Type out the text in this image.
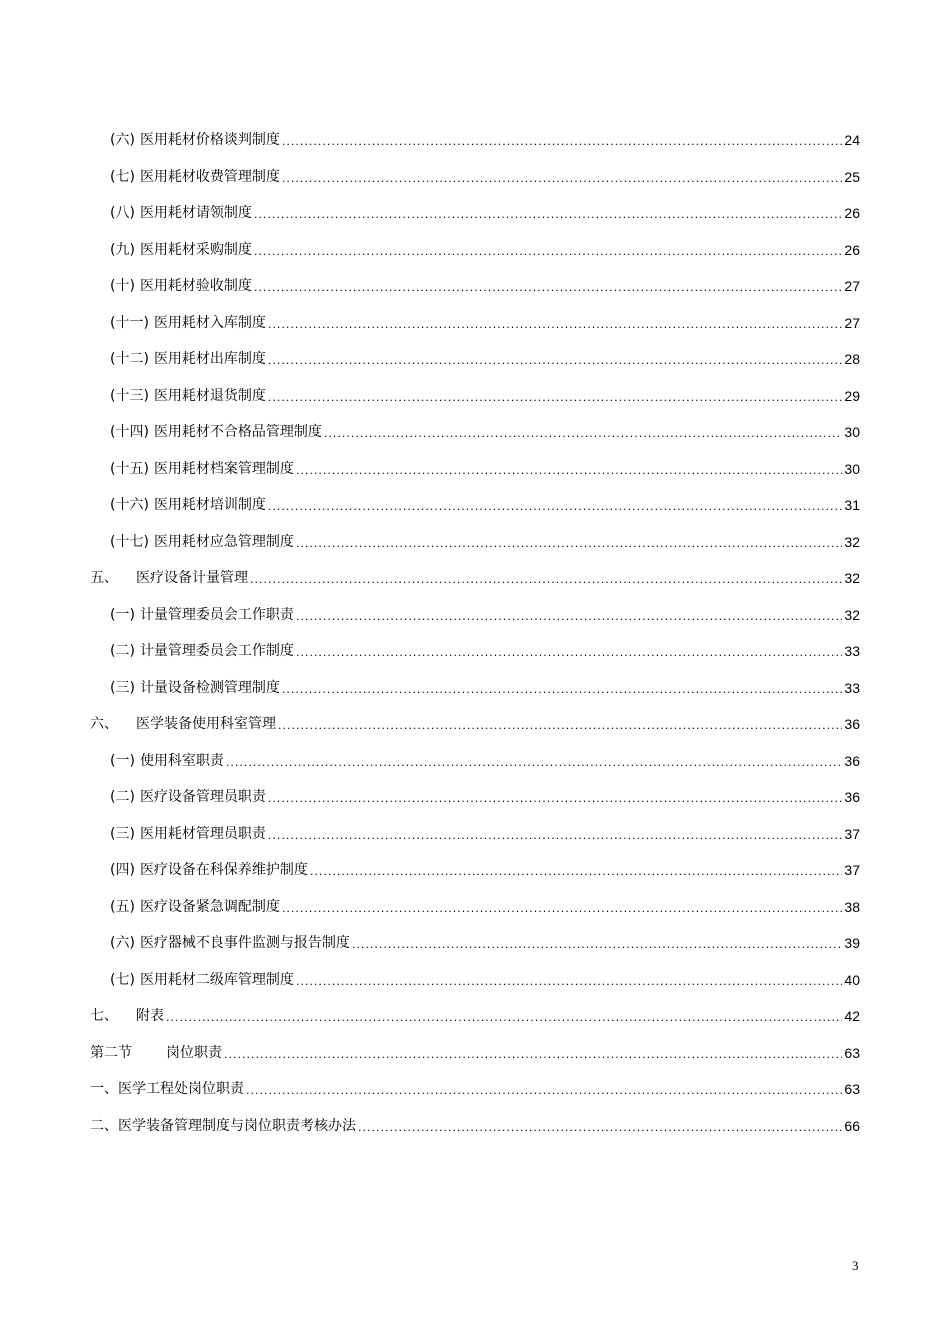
(六) 医用耗材价格谈判制度 .....	24
(七) 医用耗材收费管理制度 .....	25
(八) 医用耗材请领制度 .....	26
(九) 医用耗材采购制度 .....	26
(十) 医用耗材验收制度 .....	27
(十一) 医用耗材入库制度 .....	27
(十二) 医用耗材出库制度 .....	28
(十三) 医用耗材退货制度 .....	29
(十四) 医用耗材不合格品管理制度 .....	30
(十五) 医用耗材档案管理制度 .....	30
(十六) 医用耗材培训制度 .....	31
(十七) 医用耗材应急管理制度 .....	32
五、 医疗设备计量管理 .....	32
(一) 计量管理委员会工作职责 .....	32
(二) 计量管理委员会工作制度 .....	33
(三) 计量设备检测管理制度 .....	33
六、 医学装备使用科室管理 .....	36
(一) 使用科室职责 .....	36
(二) 医疗设备管理员职责 .....	36
(三) 医用耗材管理员职责 .....	37
(四) 医疗设备在科保养维护制度 .....	37
(五) 医疗设备紧急调配制度 .....	38
(六) 医疗器械不良事件监测与报告制度 .....	39
(七) 医用耗材二级库管理制度 .....	40
七、 附表 .....	42
第二节 岗位职责 .....	63
一、医学工程处岗位职责 .....	63
二、医学装备管理制度与岗位职责考核办法 .....	66
3
